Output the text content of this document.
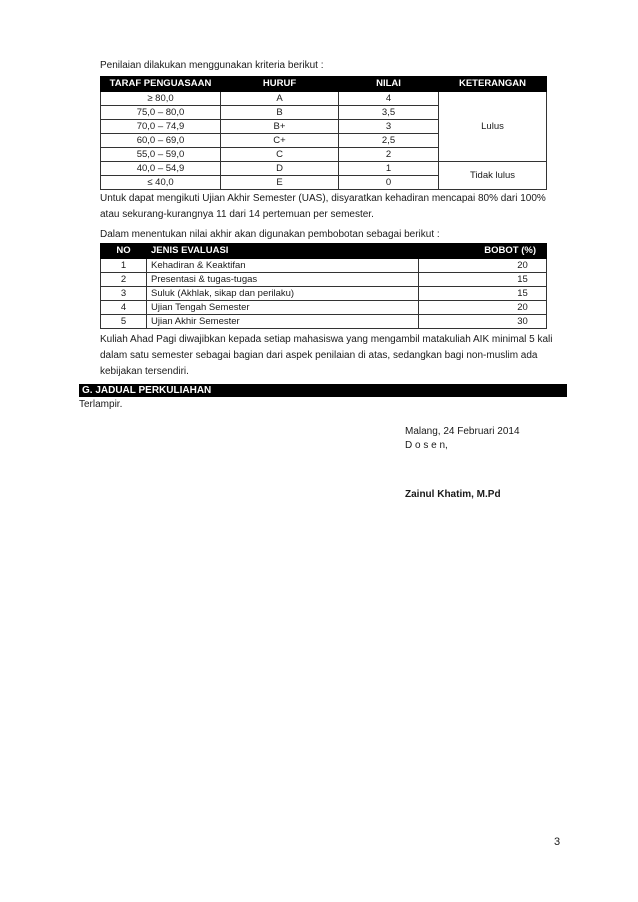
Penilaian dilakukan menggunakan kriteria berikut :

TARAF PENGUASAAN	HURUF	NILAI	KETERANGAN
≥ 80,0	A	4	Lulus
75,0 – 80,0	B	3,5	
70,0 – 74,9	B+	3	
60,0 – 69,0	C+	2,5	
55,0 – 59,0	C	2	
40,0 – 54,9	D	1	Tidak lulus
≤ 40,0	E	0	

Untuk dapat mengikuti Ujian Akhir Semester (UAS), disyaratkan kehadiran mencapai 80% dari 100%

atau sekurang-kurangnya 11 dari 14 pertemuan per semester.

Dalam menentukan nilai akhir akan digunakan pembobotan sebagai berikut :

NO	JENIS EVALUASI	BOBOT (%)
1	Kehadiran & Keaktifan	20
2	Presentasi & tugas-tugas	15
3	Suluk (Akhlak, sikap dan perilaku)	15
4	Ujian Tengah Semester	20
5	Ujian Akhir Semester	30

Kuliah Ahad Pagi diwajibkan kepada setiap mahasiswa yang mengambil matakuliah AIK minimal 5 kali

dalam satu semester sebagai bagian dari aspek penilaian di atas, sedangkan bagi non-muslim ada

kebijakan tersendiri.

G. JADUAL PERKULIAHAN

Terlampir.

Malang, 24 Februari 2014

D o s e n,

Zainul Khatim, M.Pd

3
